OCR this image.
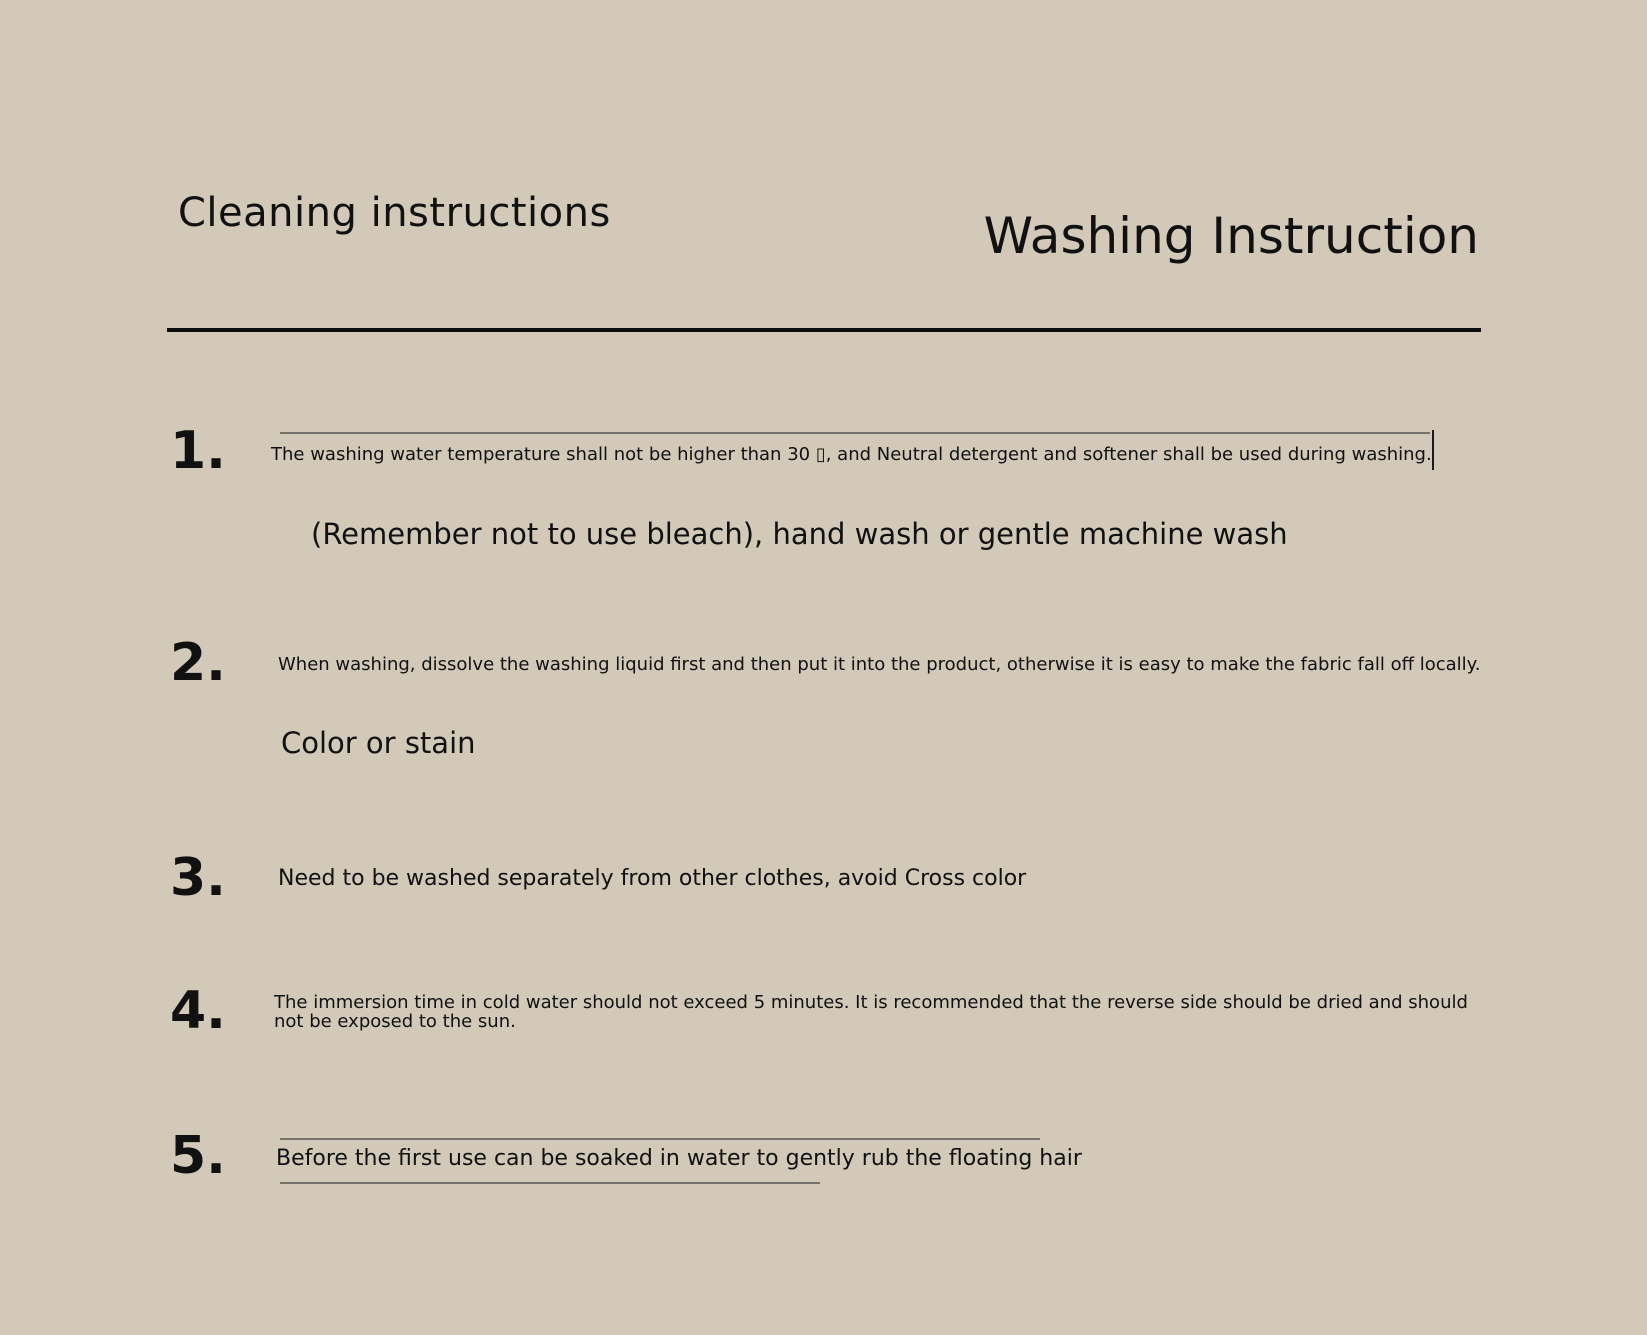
Cleaning instructions	Washing Instruction
1.	The washing water temperature shall not be higher than 30 ▯, and Neutral detergent and softener shall be used during washing.
(Remember not to use bleach), hand wash or gentle machine wash
2.	When washing, dissolve the washing liquid first and then put it into the product, otherwise it is easy to make the fabric fall off locally.
Color or stain
3. Need to be washed separately from other clothes, avoid Cross color
4.	The immersion time in cold water should not exceed 5 minutes. It is recommended that the reverse side should be dried and should not be exposed to the sun.
5. Before the first use can be soaked in water to gently rub the floating hair
